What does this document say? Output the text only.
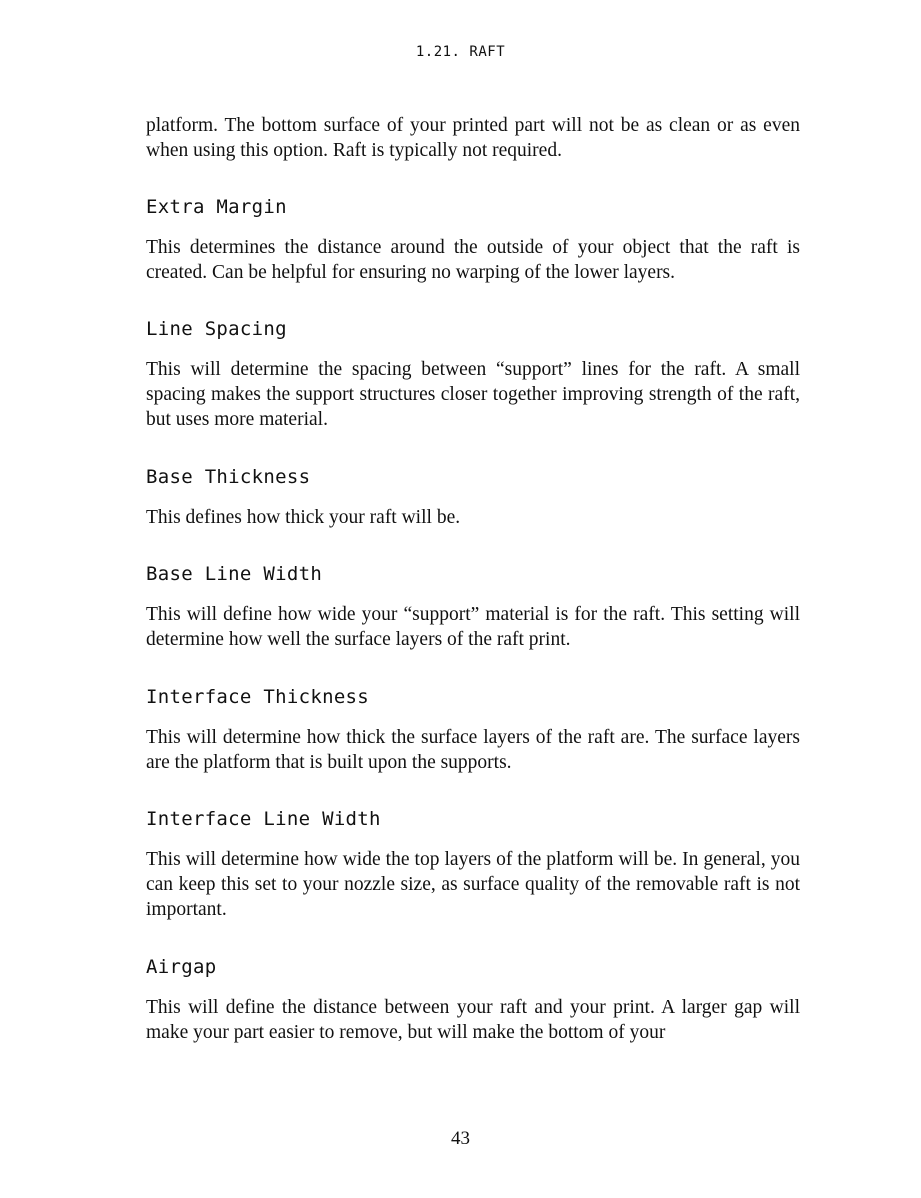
1.21. RAFT

platform. The bottom surface of your printed part will not be as clean or as even when using this option. Raft is typically not required.

Extra Margin

This determines the distance around the outside of your object that the raft is created. Can be helpful for ensuring no warping of the lower layers.

Line Spacing

This will determine the spacing between “support” lines for the raft. A small spacing makes the support structures closer together improving strength of the raft, but uses more material.

Base Thickness

This defines how thick your raft will be.

Base Line Width

This will define how wide your “support” material is for the raft. This setting will determine how well the surface layers of the raft print.

Interface Thickness

This will determine how thick the surface layers of the raft are. The surface layers are the platform that is built upon the supports.

Interface Line Width

This will determine how wide the top layers of the platform will be. In general, you can keep this set to your nozzle size, as surface quality of the removable raft is not important.

Airgap

This will define the distance between your raft and your print. A larger gap will make your part easier to remove, but will make the bottom of your

43
